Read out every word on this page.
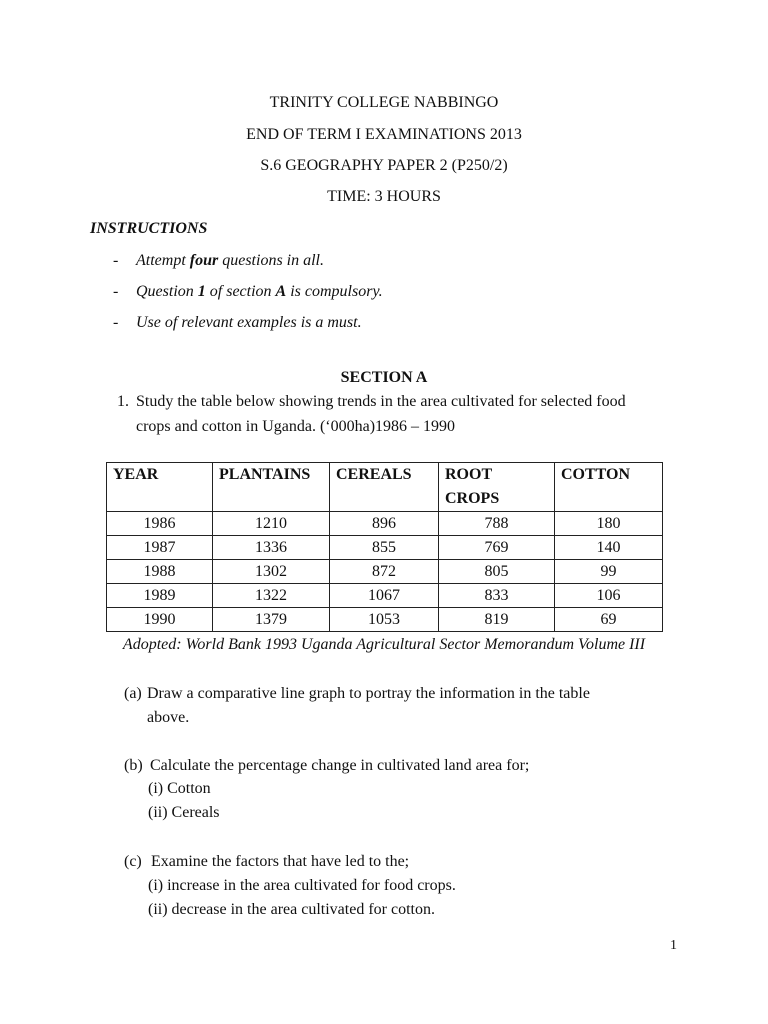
TRINITY COLLEGE NABBINGO
END OF TERM I EXAMINATIONS 2013
S.6 GEOGRAPHY PAPER 2 (P250/2)
TIME: 3 HOURS
INSTRUCTIONS
- Attempt four questions in all.
- Question 1 of section A is compulsory.
- Use of relevant examples is a must.
SECTION A
1. Study the table below showing trends in the area cultivated for selected food
crops and cotton in Uganda. (‘000ha)1986 – 1990
YEAR	PLANTAINS	CEREALS	ROOT CROPS	COTTON
1986	1210	896	788	180
1987	1336	855	769	140
1988	1302	872	805	99
1989	1322	1067	833	106
1990	1379	1053	819	69
Adopted: World Bank 1993 Uganda Agricultural Sector Memorandum Volume III
(a) Draw a comparative line graph to portray the information in the table
above.
(b) Calculate the percentage change in cultivated land area for;
(i) Cotton
(ii) Cereals
(c) Examine the factors that have led to the;
(i) increase in the area cultivated for food crops.
(ii) decrease in the area cultivated for cotton.
1
